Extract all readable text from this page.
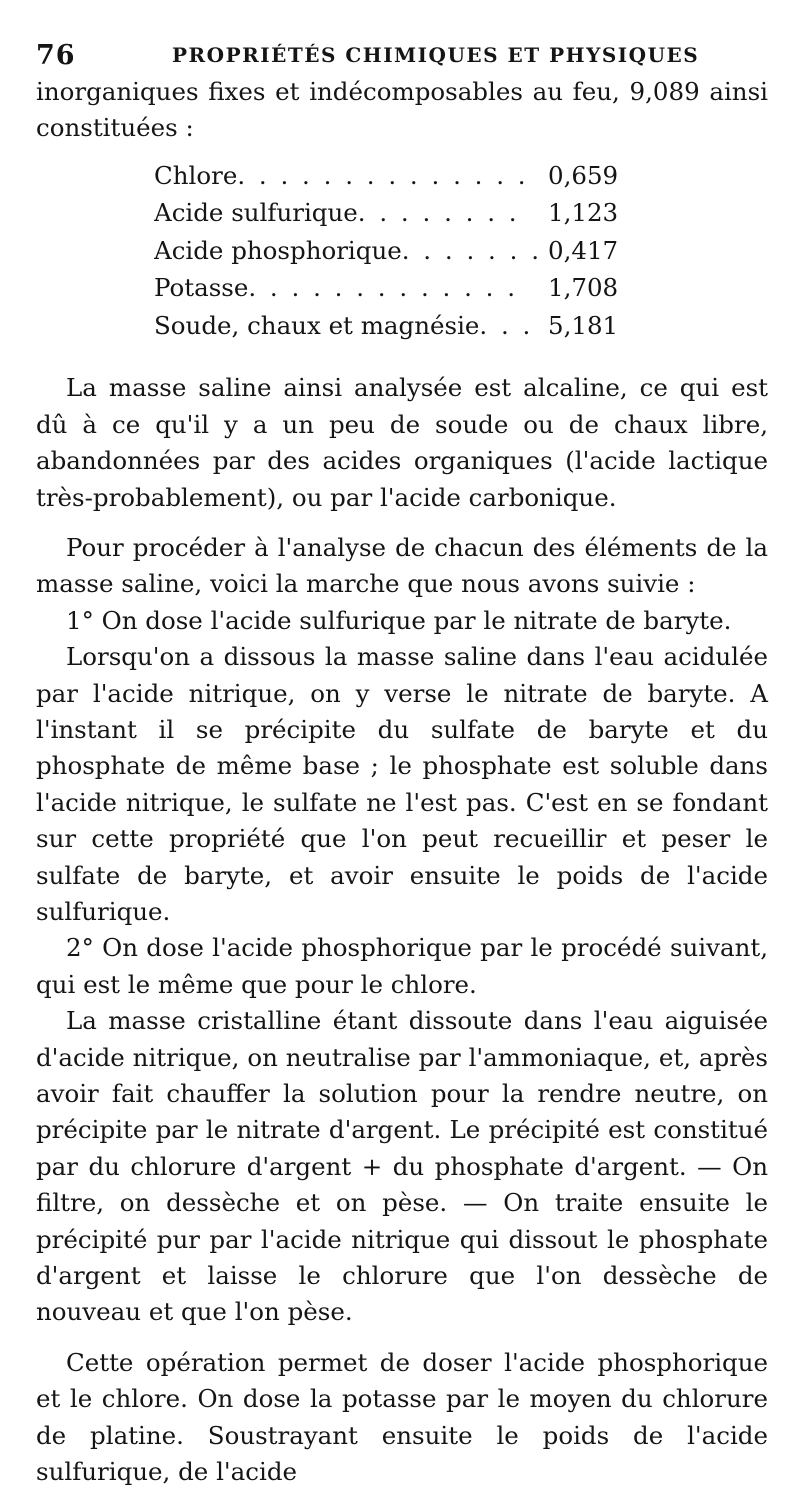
76	PROPRIÉTÉS CHIMIQUES ET PHYSIQUES

inorganiques fixes et indécomposables au feu, 9,089 ainsi constituées :

Chlore. . . . . . . . . . . . . . 0,659
Acide sulfurique. . . . . . . .	1,123
Acide phosphorique. . . . . . . 0,417
Potasse. . . . . . . . . . . . .	1,708
Soude, chaux et magnésie. . . 5,181

La masse saline ainsi analysée est alcaline, ce qui est dû à ce qu'il y a un peu de soude ou de chaux libre, abandonnées par des acides organiques (l'acide lactique très-probablement), ou par l'acide carbonique.

Pour procéder à l'analyse de chacun des éléments de la masse saline, voici la marche que nous avons suivie :

1° On dose l'acide sulfurique par le nitrate de baryte.

Lorsqu'on a dissous la masse saline dans l'eau acidulée par l'acide nitrique, on y verse le nitrate de baryte. A l'instant il se précipite du sulfate de baryte et du phosphate de même base ; le phosphate est soluble dans l'acide nitrique, le sulfate ne l'est pas. C'est en se fondant sur cette propriété que l'on peut recueillir et peser le sulfate de baryte, et avoir ensuite le poids de l'acide sulfurique.

2° On dose l'acide phosphorique par le procédé suivant, qui est le même que pour le chlore.

La masse cristalline étant dissoute dans l'eau aiguisée d'acide nitrique, on neutralise par l'ammoniaque, et, après avoir fait chauffer la solution pour la rendre neutre, on précipite par le nitrate d'argent. Le précipité est constitué par du chlorure d'argent + du phosphate d'argent. — On filtre, on dessèche et on pèse. — On traite ensuite le précipité pur par l'acide nitrique qui dissout le phosphate d'argent et laisse le chlorure que l'on dessèche de nouveau et que l'on pèse.

Cette opération permet de doser l'acide phosphorique et le chlore. On dose la potasse par le moyen du chlorure de platine. Soustrayant ensuite le poids de l'acide sulfurique, de l'acide
